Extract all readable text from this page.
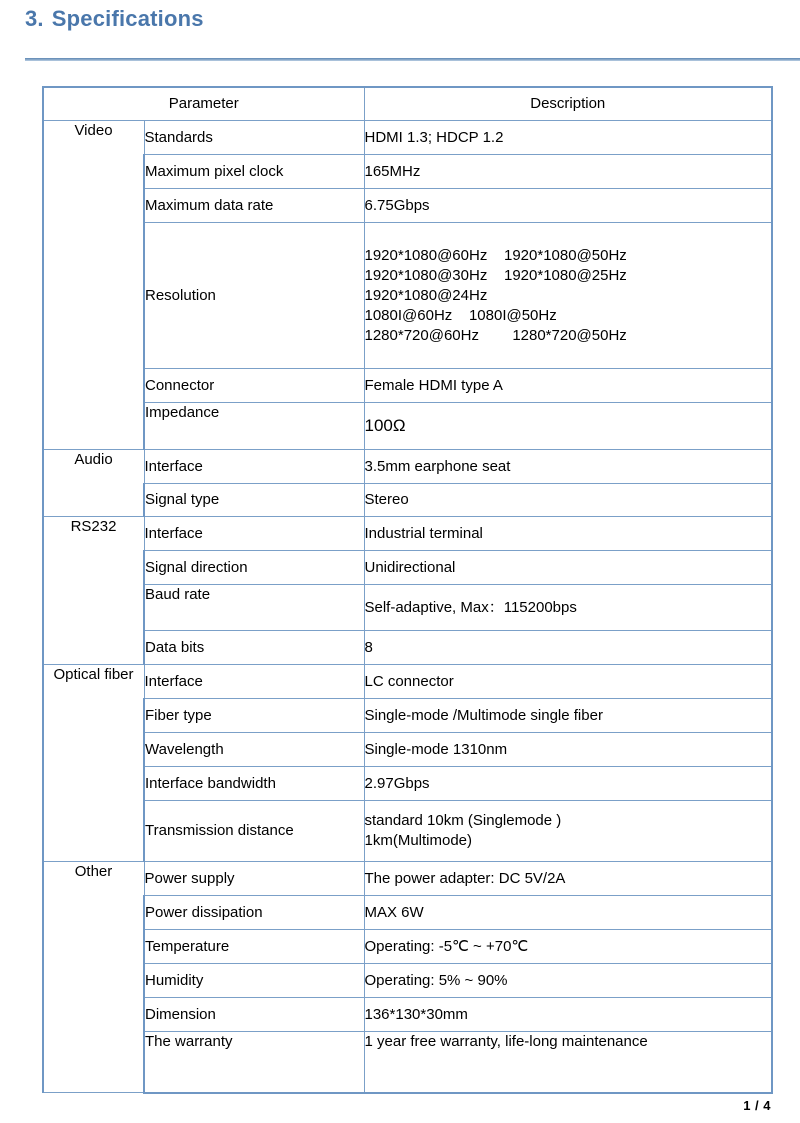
3. Specifications
Parameter		Description
Video	Standards	HDMI 1.3; HDCP 1.2
	Maximum pixel clock	165MHz
	Maximum data rate	6.75Gbps
	Resolution	1920*1080@60Hz    1920*1080@50Hz
1920*1080@30Hz    1920*1080@25Hz
1920*1080@24Hz
1080I@60Hz    1080I@50Hz
1280*720@60Hz        1280*720@50Hz

	Connector	Female HDMI type A
	Impedance	100Ω
Audio	Interface	3.5mm earphone seat
	Signal type	Stereo
RS232	Interface	Industrial terminal
	Signal direction	Unidirectional
	Baud rate	Self-adaptive, Max：115200bps
	Data bits	8
Optical fiber	Interface	LC connector
	Fiber type	Single-mode /Multimode single fiber
	Wavelength	Single-mode 1310nm
	Interface bandwidth	2.97Gbps
	Transmission distance	standard 10km (Singlemode )
1km(Multimode)

Other	Power supply	The power adapter: DC 5V/2A
	Power dissipation	MAX 6W
	Temperature	Operating: -5℃ ~ +70℃
	Humidity	Operating: 5% ~ 90%
	Dimension	136*130*30mm
	The warranty	1 year free warranty, life-long maintenance
1 / 4
